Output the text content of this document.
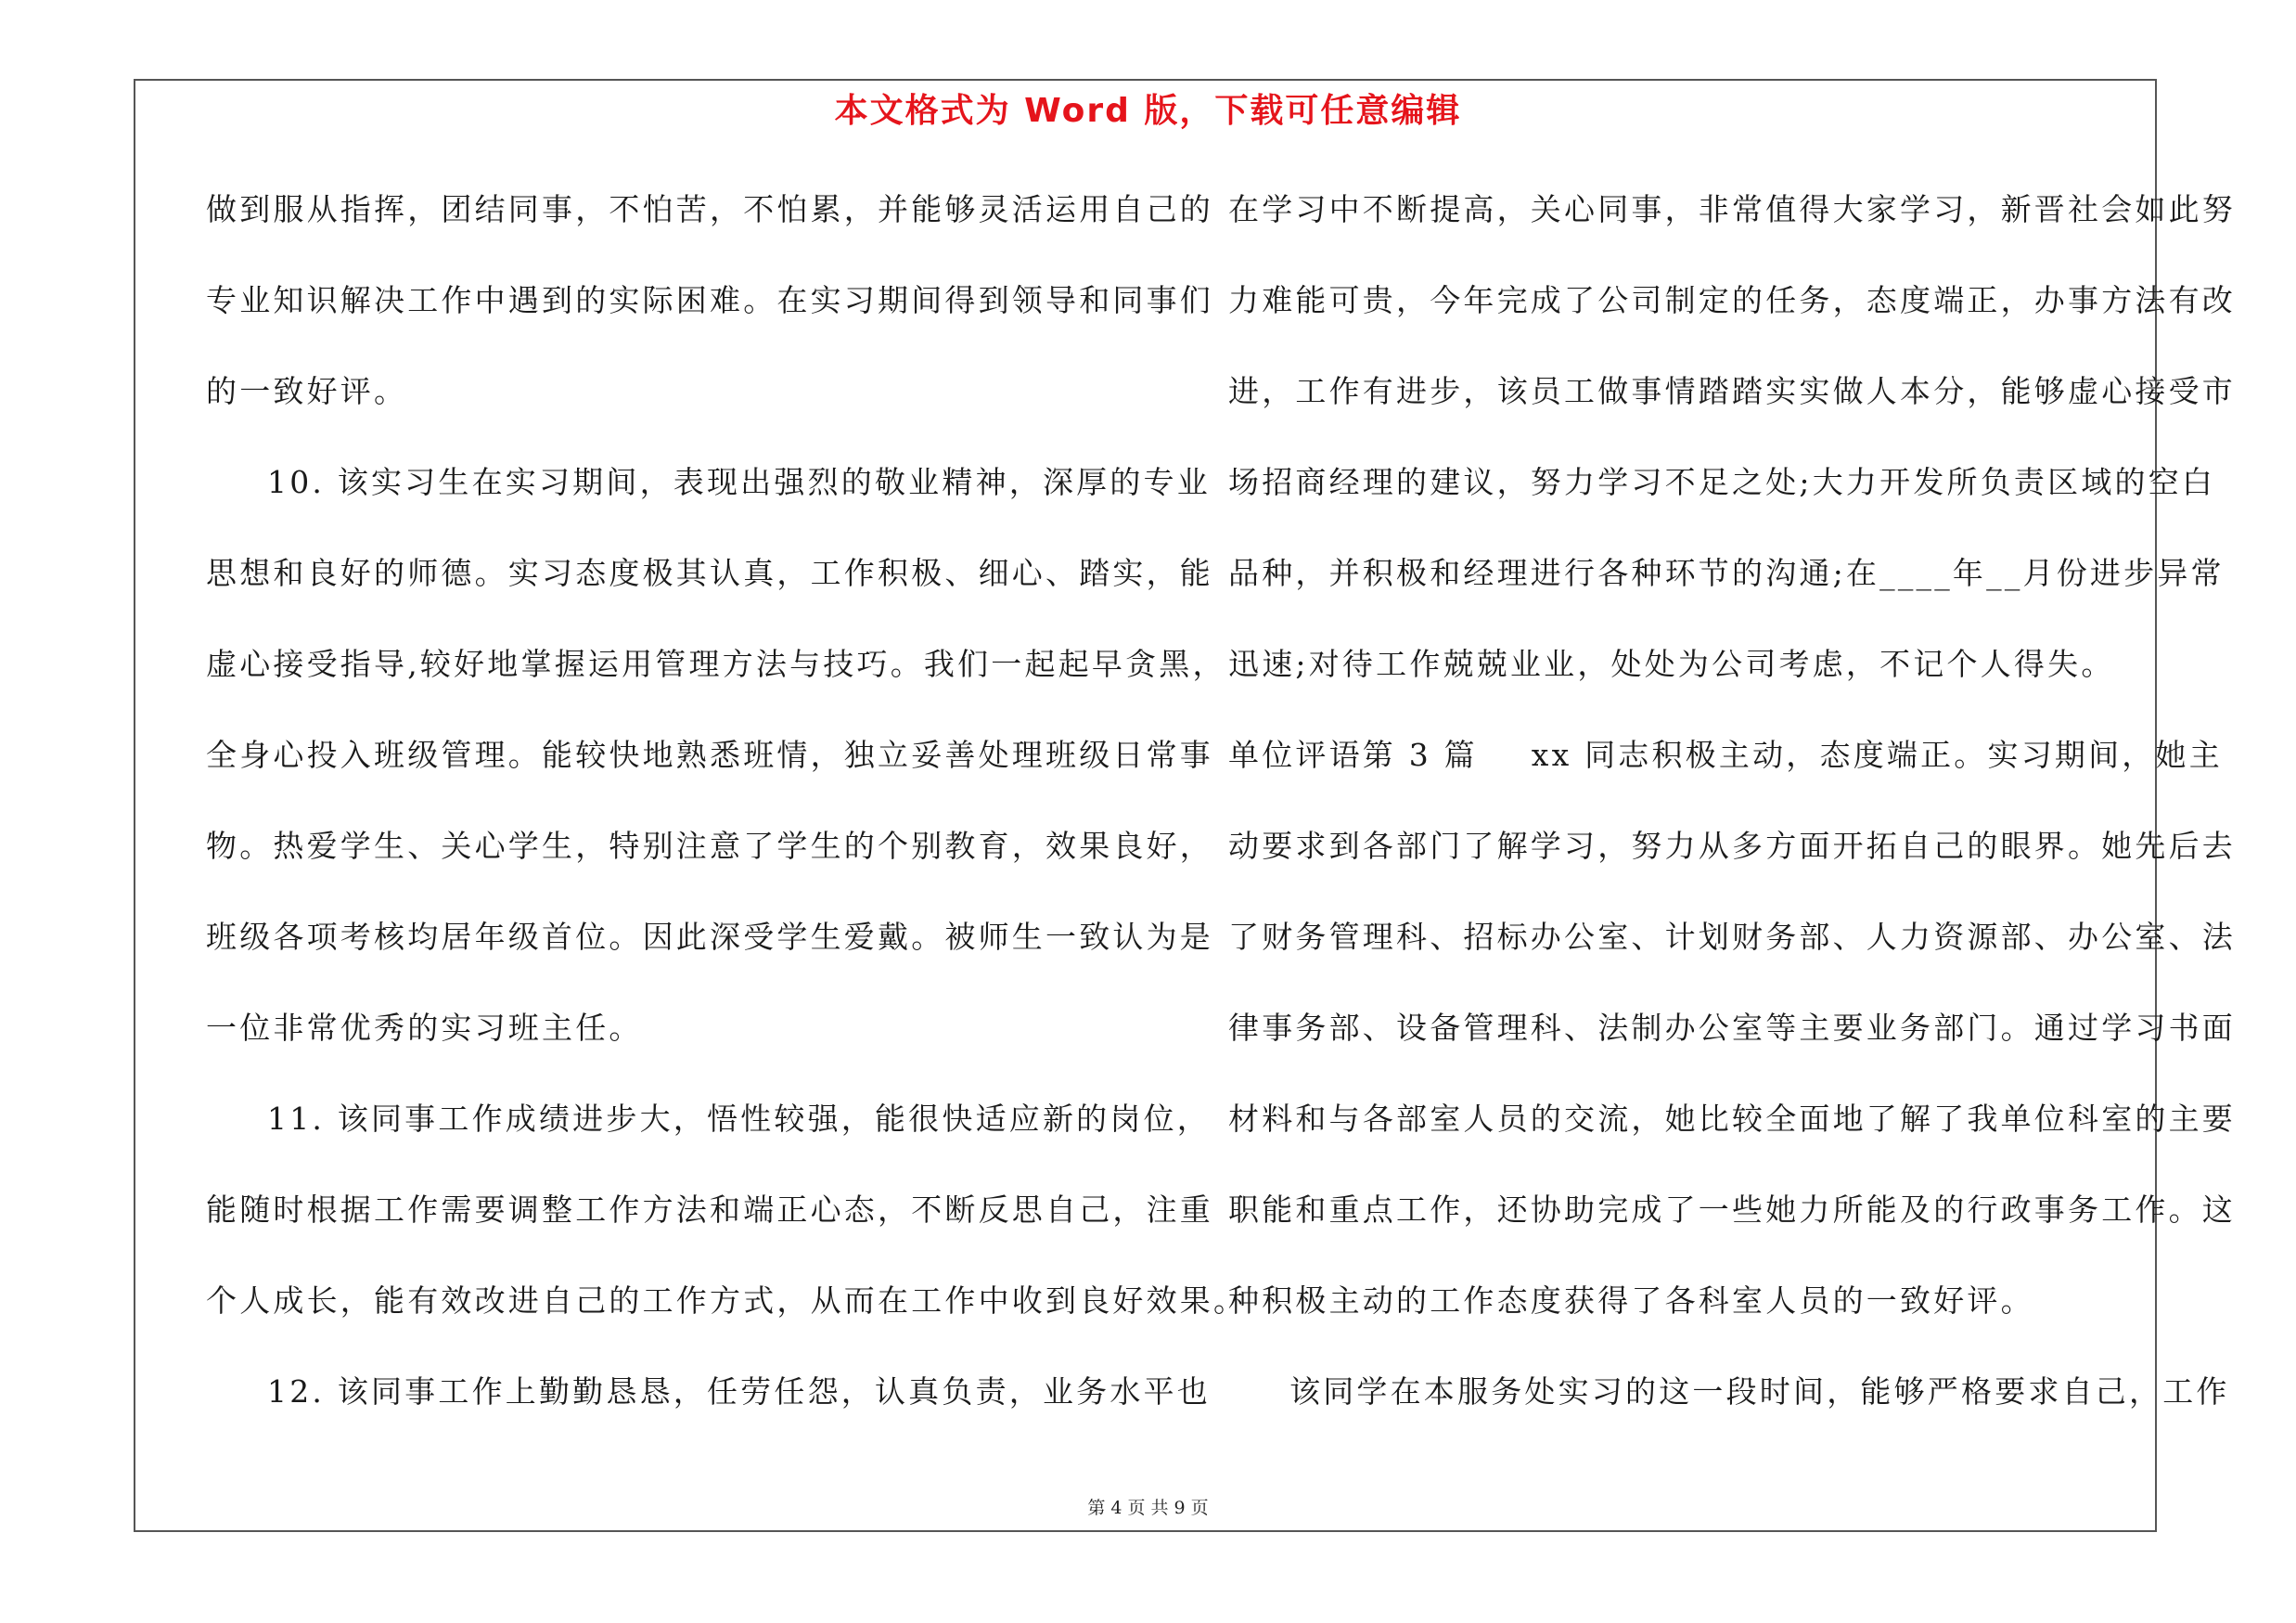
本文格式为 Word 版，下载可任意编辑
做到服从指挥，团结同事，不怕苦，不怕累，并能够灵活运用自己的
专业知识解决工作中遇到的实际困难。在实习期间得到领导和同事们
的一致好评。
10. 该实习生在实习期间，表现出强烈的敬业精神，深厚的专业
思想和良好的师德。实习态度极其认真，工作积极、细心、踏实，能
虚心接受指导,较好地掌握运用管理方法与技巧。我们一起起早贪黑，
全身心投入班级管理。能较快地熟悉班情，独立妥善处理班级日常事
物。热爱学生、关心学生，特别注意了学生的个别教育，效果良好，
班级各项考核均居年级首位。因此深受学生爱戴。被师生一致认为是
一位非常优秀的实习班主任。
11. 该同事工作成绩进步大，悟性较强，能很快适应新的岗位，
能随时根据工作需要调整工作方法和端正心态，不断反思自己，注重
个人成长，能有效改进自己的工作方式，从而在工作中收到良好效果。
12. 该同事工作上勤勤恳恳，任劳任怨，认真负责，业务水平也
在学习中不断提高，关心同事，非常值得大家学习，新晋社会如此努
力难能可贵，今年完成了公司制定的任务，态度端正，办事方法有改
进，工作有进步，该员工做事情踏踏实实做人本分，能够虚心接受市
场招商经理的建议，努力学习不足之处;大力开发所负责区域的空白
品种，并积极和经理进行各种环节的沟通;在____年__月份进步异常
迅速;对待工作兢兢业业，处处为公司考虑，不记个人得失。
单位评语第 3 篇 xx 同志积极主动，态度端正。实习期间，她主
动要求到各部门了解学习，努力从多方面开拓自己的眼界。她先后去
了财务管理科、招标办公室、计划财务部、人力资源部、办公室、法
律事务部、设备管理科、法制办公室等主要业务部门。通过学习书面
材料和与各部室人员的交流，她比较全面地了解了我单位科室的主要
职能和重点工作，还协助完成了一些她力所能及的行政事务工作。这
种积极主动的工作态度获得了各科室人员的一致好评。
该同学在本服务处实习的这一段时间，能够严格要求自己，工作
第 4 页 共 9 页
